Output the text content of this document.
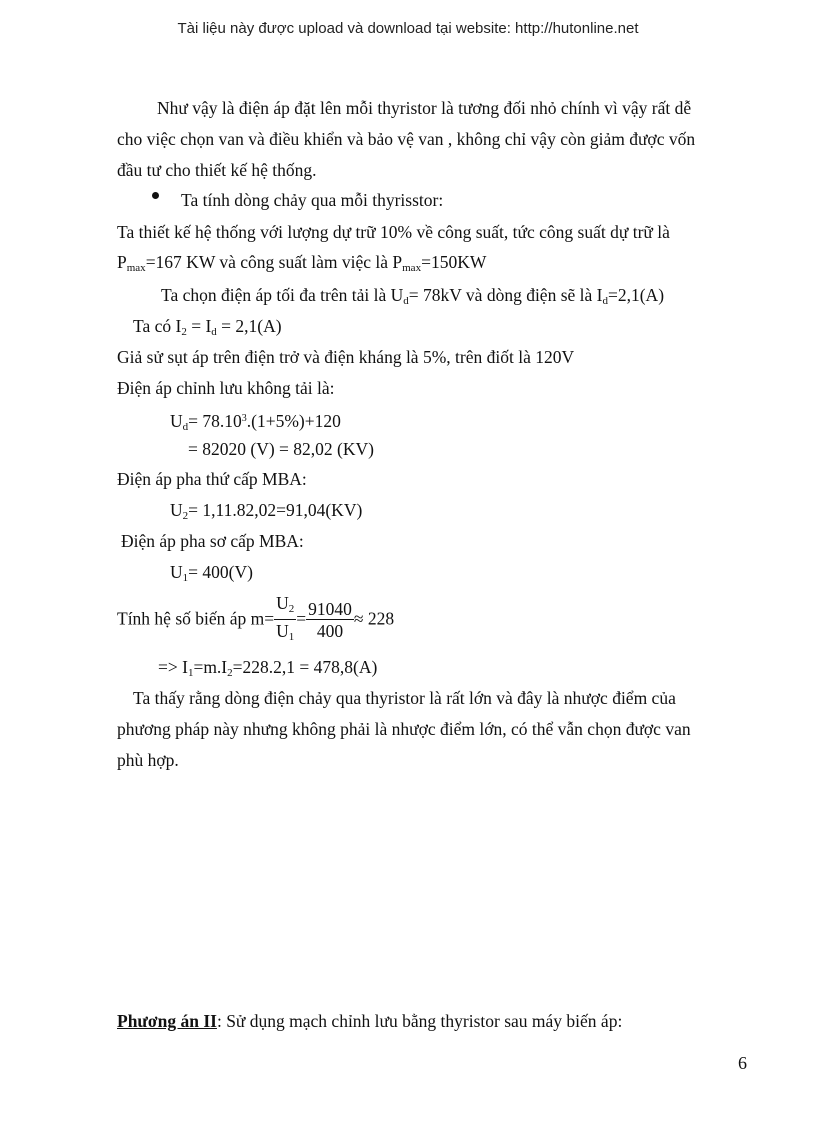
Tài liệu này được upload và download tại website: http://hutonline.net
Như vậy là điện áp đặt lên mỗi thyristor là tương đối nhỏ chính vì vậy rất dễ
cho việc chọn van và điều khiển và bảo vệ van , không chỉ vậy còn giảm được vốn
đầu tư cho thiết kế hệ thống.
Ta tính dòng chảy qua mỗi thyrisstor:
Ta thiết kế hệ thống với lượng dự trữ 10% về công suất, tức công suất dự trữ là
$P_{max}=167$ KW và công suất làm việc là $P_{max}=150KW$
Ta chọn điện áp tối đa trên tải là $U_d= 78kV$ và dòng điện sẽ là $I_d=2,1(A)$
Ta có $I_2 = I_d = 2,1(A)$
Giả sử sụt áp trên điện trở và điện kháng là 5%, trên điốt là 120V
Điện áp chỉnh lưu không tải là:
$U_d= 78.10^3.(1+5\%)+120$
= 82020 (V) = 82,02 (KV)
Điện áp pha thứ cấp MBA:
$U_2= 1,11.82,02=91,04(KV)$
Điện áp pha sơ cấp MBA:
$U_1= 400(V)$
Tính hệ số biến áp $m= \frac{U_2}{U_1} = \frac{91040}{400} \approx 228$
=> $I_1=m.I_2=228.2,1 = 478,8(A)$
Ta thấy rằng dòng điện chảy qua thyristor là rất lớn và đây là nhược điểm của
phương pháp này nhưng không phải là nhược điểm lớn, có thể vẫn chọn được van
phù hợp.
Phương án II: Sử dụng mạch chỉnh lưu bằng thyristor sau máy biến áp:
6
